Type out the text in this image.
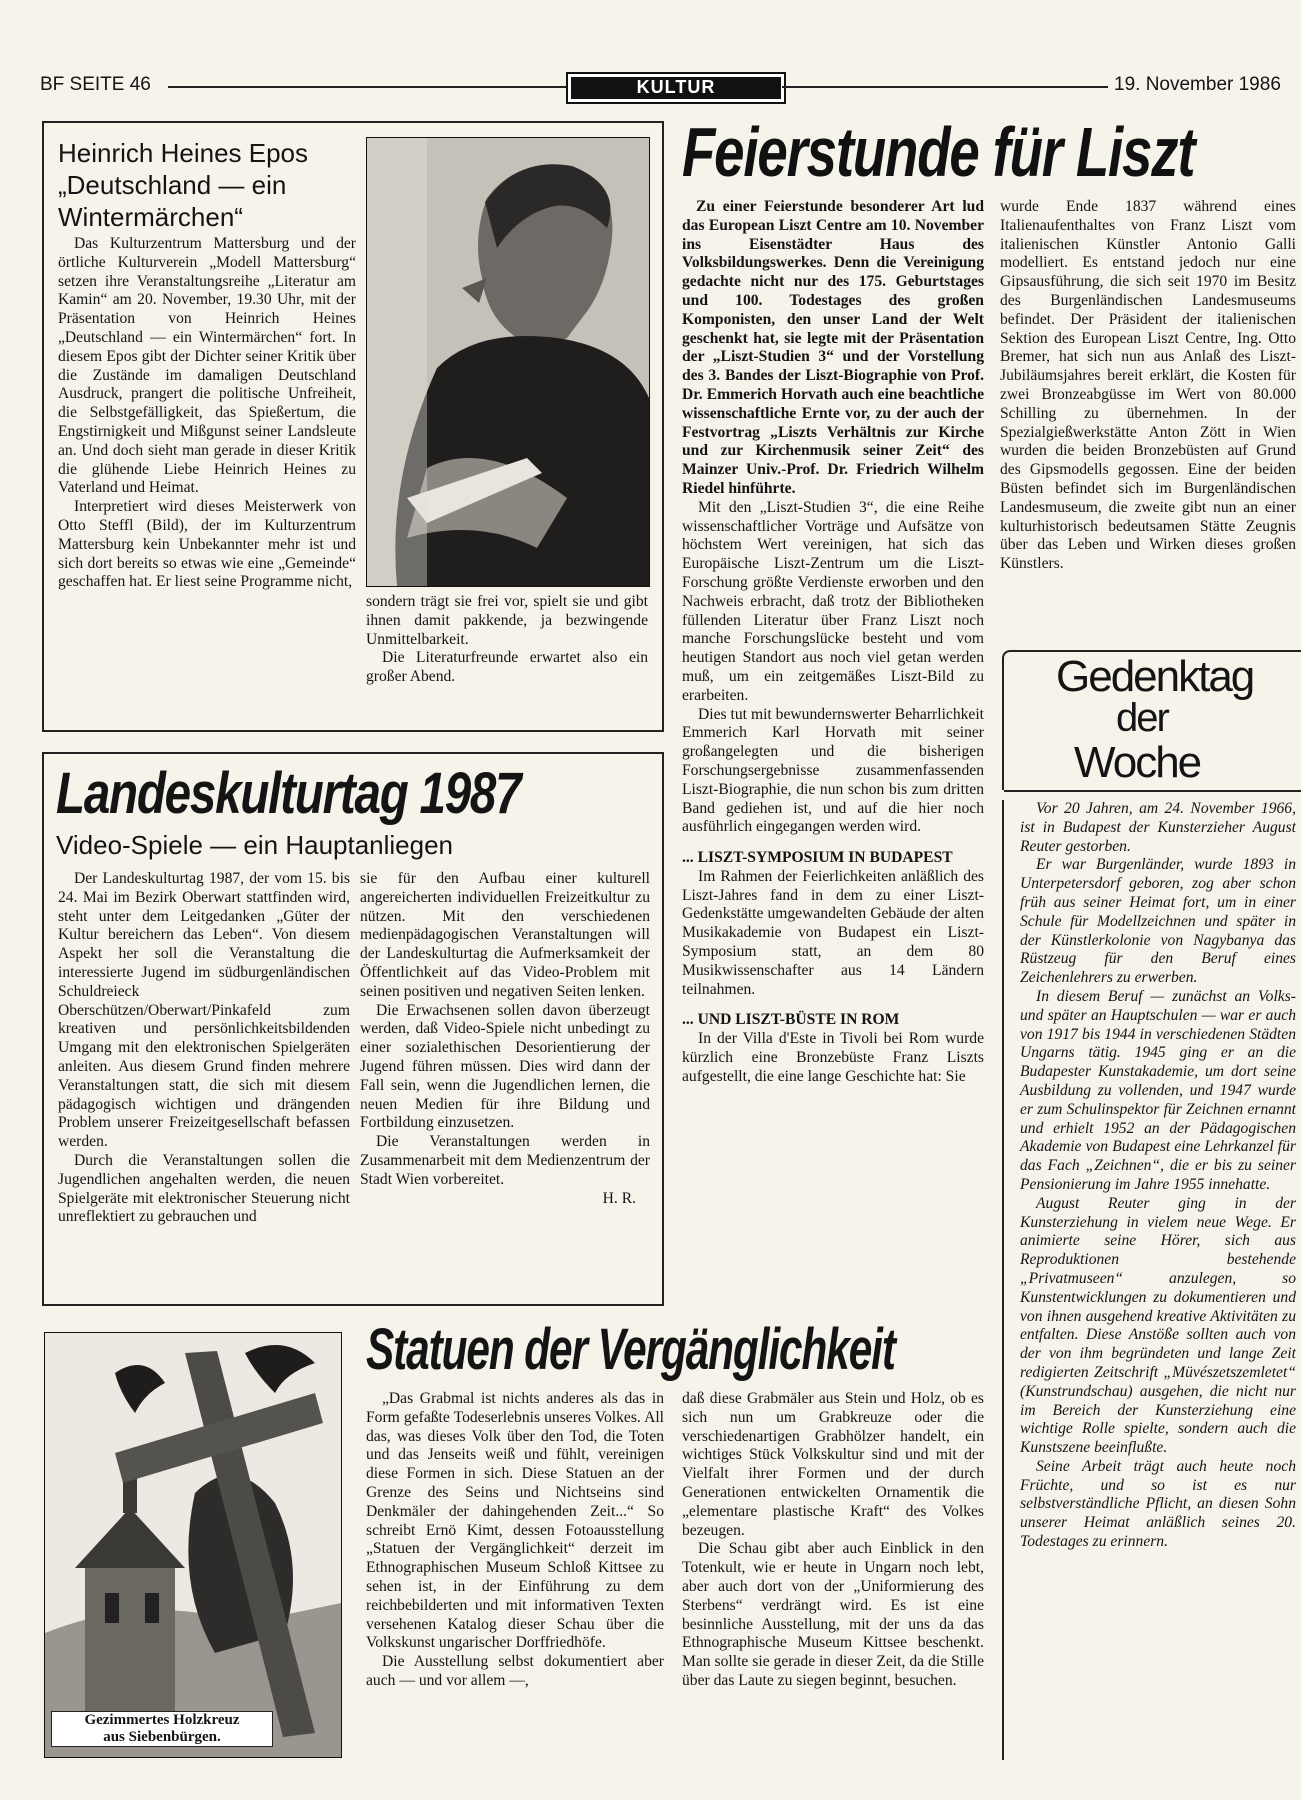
BF SEITE 46	KULTUR	19. November 1986
Heinrich Heines Epos „Deutschland — ein Wintermärchen“

Das Kulturzentrum Mattersburg und der örtliche Kulturverein „Modell Mattersburg“ setzen ihre Veranstaltungsreihe „Literatur am Kamin“ am 20. November, 19.30 Uhr, mit der Präsentation von Heinrich Heines „Deutschland — ein Wintermärchen“ fort. In diesem Epos gibt der Dichter seiner Kritik über die Zustände im damaligen Deutschland Ausdruck, prangert die politische Unfreiheit, die Selbstgefälligkeit, das Spießertum, die Engstirnigkeit und Mißgunst seiner Landsleute an. Und doch sieht man gerade in dieser Kritik die glühende Liebe Heinrich Heines zu Vaterland und Heimat.

Interpretiert wird dieses Meisterwerk von Otto Steffl (Bild), der im Kulturzentrum Mattersburg kein Unbekannter mehr ist und sich dort bereits so etwas wie eine „Gemeinde“ geschaffen hat. Er liest seine Programme nicht,

sondern trägt sie frei vor, spielt sie und gibt ihnen damit pakkende, ja bezwingende Unmittelbarkeit.

Die Literaturfreunde erwartet also ein großer Abend.

Feierstunde für Liszt

Zu einer Feierstunde besonderer Art lud das European Liszt Centre am 10. November ins Eisenstädter Haus des Volksbildungswerkes. Denn die Vereinigung gedachte nicht nur des 175. Geburtstages und 100. Todestages des großen Komponisten, den unser Land der Welt geschenkt hat, sie legte mit der Präsentation der „Liszt-Studien 3“ und der Vorstellung des 3. Bandes der Liszt-Biographie von Prof. Dr. Emmerich Horvath auch eine beachtliche wissenschaftliche Ernte vor, zu der auch der Festvortrag „Liszts Verhältnis zur Kirche und zur Kirchenmusik seiner Zeit“ des Mainzer Univ.-Prof. Dr. Friedrich Wilhelm Riedel hinführte.

Mit den „Liszt-Studien 3“, die eine Reihe wissenschaftlicher Vorträge und Aufsätze von höchstem Wert vereinigen, hat sich das Europäische Liszt-Zentrum um die Liszt-Forschung größte Verdienste erworben und den Nachweis erbracht, daß trotz der Bibliotheken füllenden Literatur über Franz Liszt noch manche Forschungslücke besteht und vom heutigen Standort aus noch viel getan werden muß, um ein zeitgemäßes Liszt-Bild zu erarbeiten.

Dies tut mit bewundernswerter Beharrlichkeit Emmerich Karl Horvath mit seiner großangelegten und die bisherigen Forschungsergebnisse zusammenfassenden Liszt-Biographie, die nun schon bis zum dritten Band gediehen ist, und auf die hier noch ausführlich eingegangen werden wird.

... LISZT-SYMPOSIUM IN BUDAPEST

Im Rahmen der Feierlichkeiten anläßlich des Liszt-Jahres fand in dem zu einer Liszt-Gedenkstätte umgewandelten Gebäude der alten Musikakademie von Budapest ein Liszt-Symposium statt, an dem 80 Musikwissenschafter aus 14 Ländern teilnahmen.

... UND LISZT-BÜSTE IN ROM

In der Villa d'Este in Tivoli bei Rom wurde kürzlich eine Bronzebüste Franz Liszts aufgestellt, die eine lange Geschichte hat: Sie

wurde Ende 1837 während eines Italienaufenthaltes von Franz Liszt vom italienischen Künstler Antonio Galli modelliert. Es entstand jedoch nur eine Gipsausführung, die sich seit 1970 im Besitz des Burgenländischen Landesmuseums befindet. Der Präsident der italienischen Sektion des European Liszt Centre, Ing. Otto Bremer, hat sich nun aus Anlaß des Liszt-Jubiläumsjahres bereit erklärt, die Kosten für zwei Bronzeabgüsse im Wert von 80.000 Schilling zu übernehmen. In der Spezialgießwerkstätte Anton Zött in Wien wurden die beiden Bronzebüsten auf Grund des Gipsmodells gegossen. Eine der beiden Büsten befindet sich im Burgenländischen Landesmuseum, die zweite gibt nun an einer kulturhistorisch bedeutsamen Stätte Zeugnis über das Leben und Wirken dieses großen Künstlers.

Landeskulturtag 1987
Video-Spiele — ein Hauptanliegen

Der Landeskulturtag 1987, der vom 15. bis 24. Mai im Bezirk Oberwart stattfinden wird, steht unter dem Leitgedanken „Güter der Kultur bereichern das Leben“. Von diesem Aspekt her soll die Veranstaltung die interessierte Jugend im südburgenländischen Schuldreieck Oberschützen/Oberwart/Pinkafeld zum kreativen und persönlichkeitsbildenden Umgang mit den elektronischen Spielgeräten anleiten. Aus diesem Grund finden mehrere Veranstaltungen statt, die sich mit diesem pädagogisch wichtigen und drängenden Problem unserer Freizeitgesellschaft befassen werden.

Durch die Veranstaltungen sollen die Jugendlichen angehalten werden, die neuen Spielgeräte mit elektronischer Steuerung nicht unreflektiert zu gebrauchen und

sie für den Aufbau einer kulturell angereicherten individuellen Freizeitkultur zu nützen. Mit den verschiedenen medienpädagogischen Veranstaltungen will der Landeskulturtag die Aufmerksamkeit der Öffentlichkeit auf das Video-Problem mit seinen positiven und negativen Seiten lenken.

Die Erwachsenen sollen davon überzeugt werden, daß Video-Spiele nicht unbedingt zu einer sozialethischen Desorientierung der Jugend führen müssen. Dies wird dann der Fall sein, wenn die Jugendlichen lernen, die neuen Medien für ihre Bildung und Fortbildung einzusetzen.

Die Veranstaltungen werden in Zusammenarbeit mit dem Medienzentrum der Stadt Wien vorbereitet.

H. R.

Gedenktag
der
Woche

Vor 20 Jahren, am 24. November 1966, ist in Budapest der Kunsterzieher August Reuter gestorben.

Er war Burgenländer, wurde 1893 in Unterpetersdorf geboren, zog aber schon früh aus seiner Heimat fort, um in einer Schule für Modellzeichnen und später in der Künstlerkolonie von Nagybanya das Rüstzeug für den Beruf eines Zeichenlehrers zu erwerben.

In diesem Beruf — zunächst an Volks- und später an Hauptschulen — war er auch von 1917 bis 1944 in verschiedenen Städten Ungarns tätig. 1945 ging er an die Budapester Kunstakademie, um dort seine Ausbildung zu vollenden, und 1947 wurde er zum Schulinspektor für Zeichnen ernannt und erhielt 1952 an der Pädagogischen Akademie von Budapest eine Lehrkanzel für das Fach „Zeichnen“, die er bis zu seiner Pensionierung im Jahre 1955 innehatte.

August Reuter ging in der Kunsterziehung in vielem neue Wege. Er animierte seine Hörer, sich aus Reproduktionen bestehende „Privatmuseen“ anzulegen, so Kunstentwicklungen zu dokumentieren und von ihnen ausgehend kreative Aktivitäten zu entfalten. Diese Anstöße sollten auch von der von ihm begründeten und lange Zeit redigierten Zeitschrift „Müvészetszemletet“ (Kunstrundschau) ausgehen, die nicht nur im Bereich der Kunsterziehung eine wichtige Rolle spielte, sondern auch die Kunstszene beeinflußte.

Seine Arbeit trägt auch heute noch Früchte, und so ist es nur selbstverständliche Pflicht, an diesen Sohn unserer Heimat anläßlich seines 20. Todestages zu erinnern.

Gezimmertes Holzkreuz
aus Siebenbürgen.
Statuen der Vergänglichkeit

„Das Grabmal ist nichts anderes als das in Form gefaßte Todeserlebnis unseres Volkes. All das, was dieses Volk über den Tod, die Toten und das Jenseits weiß und fühlt, vereinigen diese Formen in sich. Diese Statuen an der Grenze des Seins und Nichtseins sind Denkmäler der dahingehenden Zeit...“ So schreibt Ernö Kimt, dessen Fotoausstellung „Statuen der Vergänglichkeit“ derzeit im Ethnographischen Museum Schloß Kittsee zu sehen ist, in der Einführung zu dem reichbebilderten und mit informativen Texten versehenen Katalog dieser Schau über die Volkskunst ungarischer Dorffriedhöfe.

Die Ausstellung selbst dokumentiert aber auch — und vor allem —,

daß diese Grabmäler aus Stein und Holz, ob es sich nun um Grabkreuze oder die verschiedenartigen Grabhölzer handelt, ein wichtiges Stück Volkskultur sind und mit der Vielfalt ihrer Formen und der durch Generationen entwickelten Ornamentik die „elementare plastische Kraft“ des Volkes bezeugen.

Die Schau gibt aber auch Einblick in den Totenkult, wie er heute in Ungarn noch lebt, aber auch dort von der „Uniformierung des Sterbens“ verdrängt wird. Es ist eine besinnliche Ausstellung, mit der uns da das Ethnographische Museum Kittsee beschenkt. Man sollte sie gerade in dieser Zeit, da die Stille über das Laute zu siegen beginnt, besuchen.
